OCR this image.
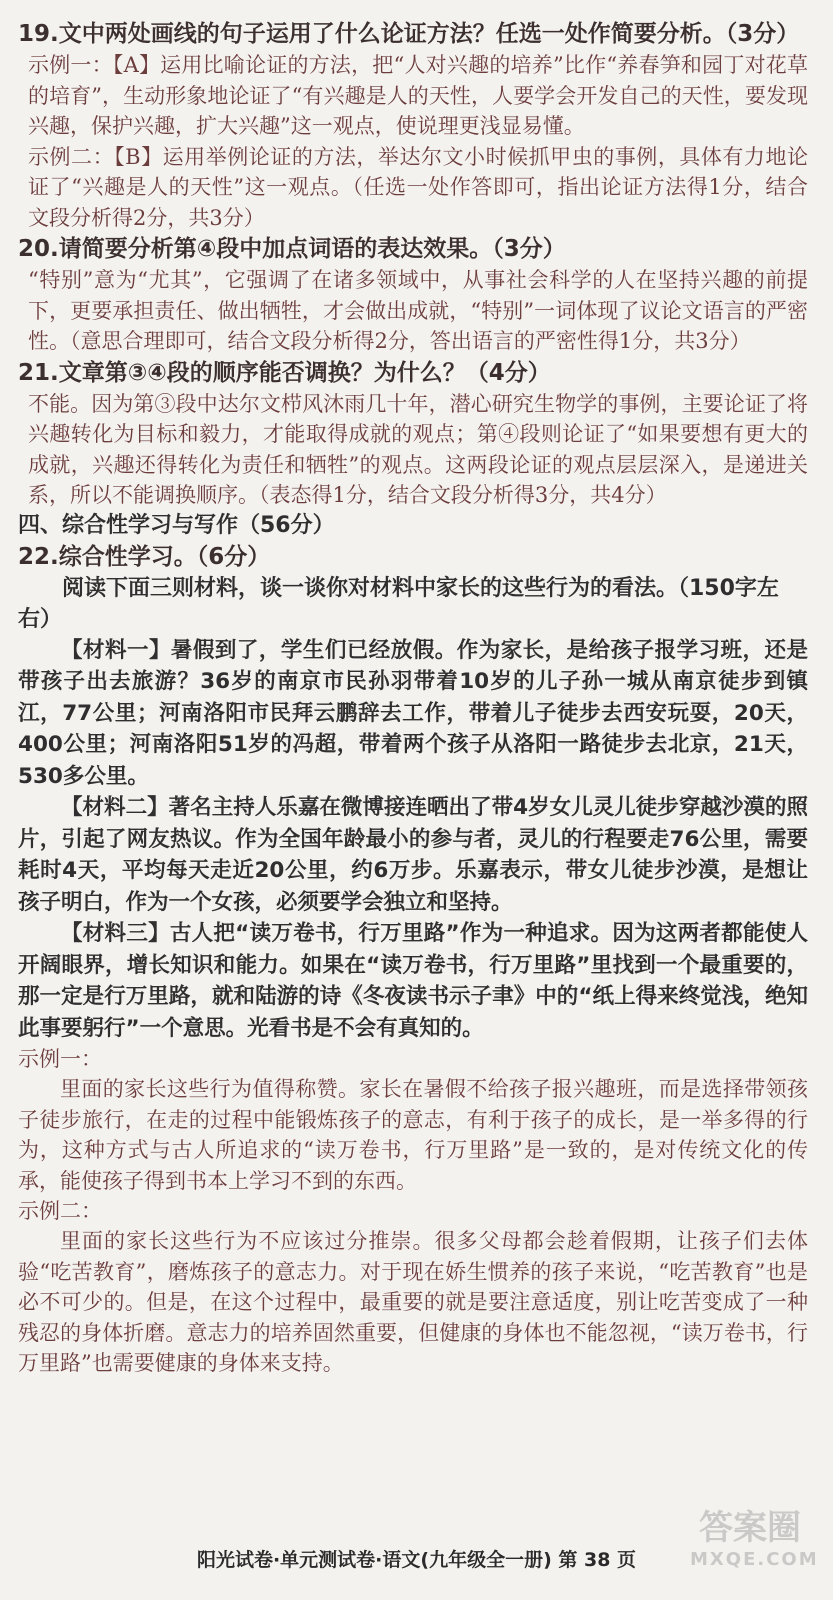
19.文中两处画线的句子运用了什么论证方法？任选一处作简要分析。（3分）

示例一：【A】运用比喻论证的方法，把“人对兴趣的培养”比作“养春笋和园丁对花草的培育”，生动形象地论证了“有兴趣是人的天性，人要学会开发自己的天性，要发现兴趣，保护兴趣，扩大兴趣”这一观点，使说理更浅显易懂。

示例二：【B】运用举例论证的方法，举达尔文小时候抓甲虫的事例，具体有力地论证了“兴趣是人的天性”这一观点。（任选一处作答即可，指出论证方法得1分，结合文段分析得2分，共3分）

20.请简要分析第④段中加点词语的表达效果。（3分）

“特别”意为“尤其”，它强调了在诸多领域中，从事社会科学的人在坚持兴趣的前提下，更要承担责任、做出牺牲，才会做出成就，“特别”一词体现了议论文语言的严密性。（意思合理即可，结合文段分析得2分，答出语言的严密性得1分，共3分）

21.文章第③④段的顺序能否调换？为什么？（4分）

不能。因为第③段中达尔文栉风沐雨几十年，潜心研究生物学的事例，主要论证了将兴趣转化为目标和毅力，才能取得成就的观点；第④段则论证了“如果要想有更大的成就，兴趣还得转化为责任和牺牲”的观点。这两段论证的观点层层深入，是递进关系，所以不能调换顺序。（表态得1分，结合文段分析得3分，共4分）

四、综合性学习与写作（56分）

22.综合性学习。（6分）

阅读下面三则材料，谈一谈你对材料中家长的这些行为的看法。（150字左右）

【材料一】暑假到了，学生们已经放假。作为家长，是给孩子报学习班，还是带孩子出去旅游？36岁的南京市民孙羽带着10岁的儿子孙一城从南京徒步到镇江，77公里；河南洛阳市民拜云鹏辞去工作，带着儿子徒步去西安玩耍，20天，400公里；河南洛阳51岁的冯超，带着两个孩子从洛阳一路徒步去北京，21天，530多公里。

【材料二】著名主持人乐嘉在微博接连晒出了带4岁女儿灵儿徒步穿越沙漠的照片，引起了网友热议。作为全国年龄最小的参与者，灵儿的行程要走76公里，需要耗时4天，平均每天走近20公里，约6万步。乐嘉表示，带女儿徒步沙漠，是想让孩子明白，作为一个女孩，必须要学会独立和坚持。

【材料三】古人把“读万卷书，行万里路”作为一种追求。因为这两者都能使人开阔眼界，增长知识和能力。如果在“读万卷书，行万里路”里找到一个最重要的，那一定是行万里路，就和陆游的诗《冬夜读书示子聿》中的“纸上得来终觉浅，绝知此事要躬行”一个意思。光看书是不会有真知的。

示例一：

里面的家长这些行为值得称赞。家长在暑假不给孩子报兴趣班，而是选择带领孩子徒步旅行，在走的过程中能锻炼孩子的意志，有利于孩子的成长，是一举多得的行为，这种方式与古人所追求的“读万卷书，行万里路”是一致的，是对传统文化的传承，能使孩子得到书本上学习不到的东西。

示例二：

里面的家长这些行为不应该过分推崇。很多父母都会趁着假期，让孩子们去体验“吃苦教育”，磨炼孩子的意志力。对于现在娇生惯养的孩子来说，“吃苦教育”也是必不可少的。但是，在这个过程中，最重要的就是要注意适度，别让吃苦变成了一种残忍的身体折磨。意志力的培养固然重要，但健康的身体也不能忽视，“读万卷书，行万里路”也需要健康的身体来支持。

答案圈
MXQE.COM
阳光试卷·单元测试卷·语文(九年级全一册) 第 38 页
